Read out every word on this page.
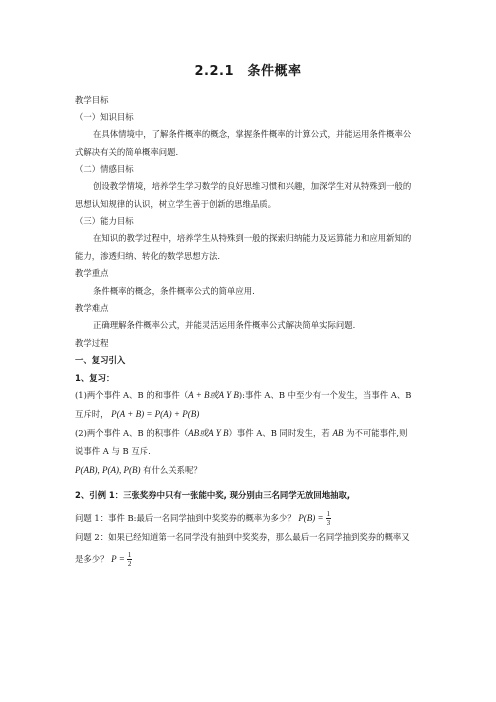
2.2.1　条件概率
教学目标
（一）知识目标
在具体情境中，了解条件概率的概念，掌握条件概率的计算公式，并能运用条件概率公
式解决有关的简单概率问题.
（二）情感目标
创设教学情境，培养学生学习数学的良好思维习惯和兴趣，加深学生对从特殊到一般的
思想认知规律的认识，树立学生善于创新的思维品质。
（三）能力目标
在知识的教学过程中，培养学生从特殊到一般的探索归纳能力及运算能力和应用新知的
能力，渗透归纳、转化的数学思想方法.
教学重点
条件概率的概念，条件概率公式的简单应用.
教学难点
正确理解条件概率公式，并能灵活运用条件概率公式解决简单实际问题.
教学过程
一、复习引入
1、复习：
(1)两个事件 A、B 的和事件（A + B或A Y B):事件 A、B 中至少有一个发生，当事件 A、B
互斥时， P(A + B) = P(A) + P(B)
(2)两个事件 A、B 的积事件（AB或A Y B）事件 A、B 同时发生，若 AB 为不可能事件,则
说事件 A 与 B 互斥.
P(AB), P(A), P(B) 有什么关系呢？
2、引例 1：三张奖券中只有一张能中奖, 现分别由三名同学无放回地抽取,
问题 1：事件 B:最后一名同学抽到中奖奖券的概率为多少？ $P(B) = \frac{1}{3}$
问题 2：如果已经知道第一名同学没有抽到中奖奖券，那么最后一名同学抽到奖券的概率又
是多少？ $P = \frac{1}{2}$
